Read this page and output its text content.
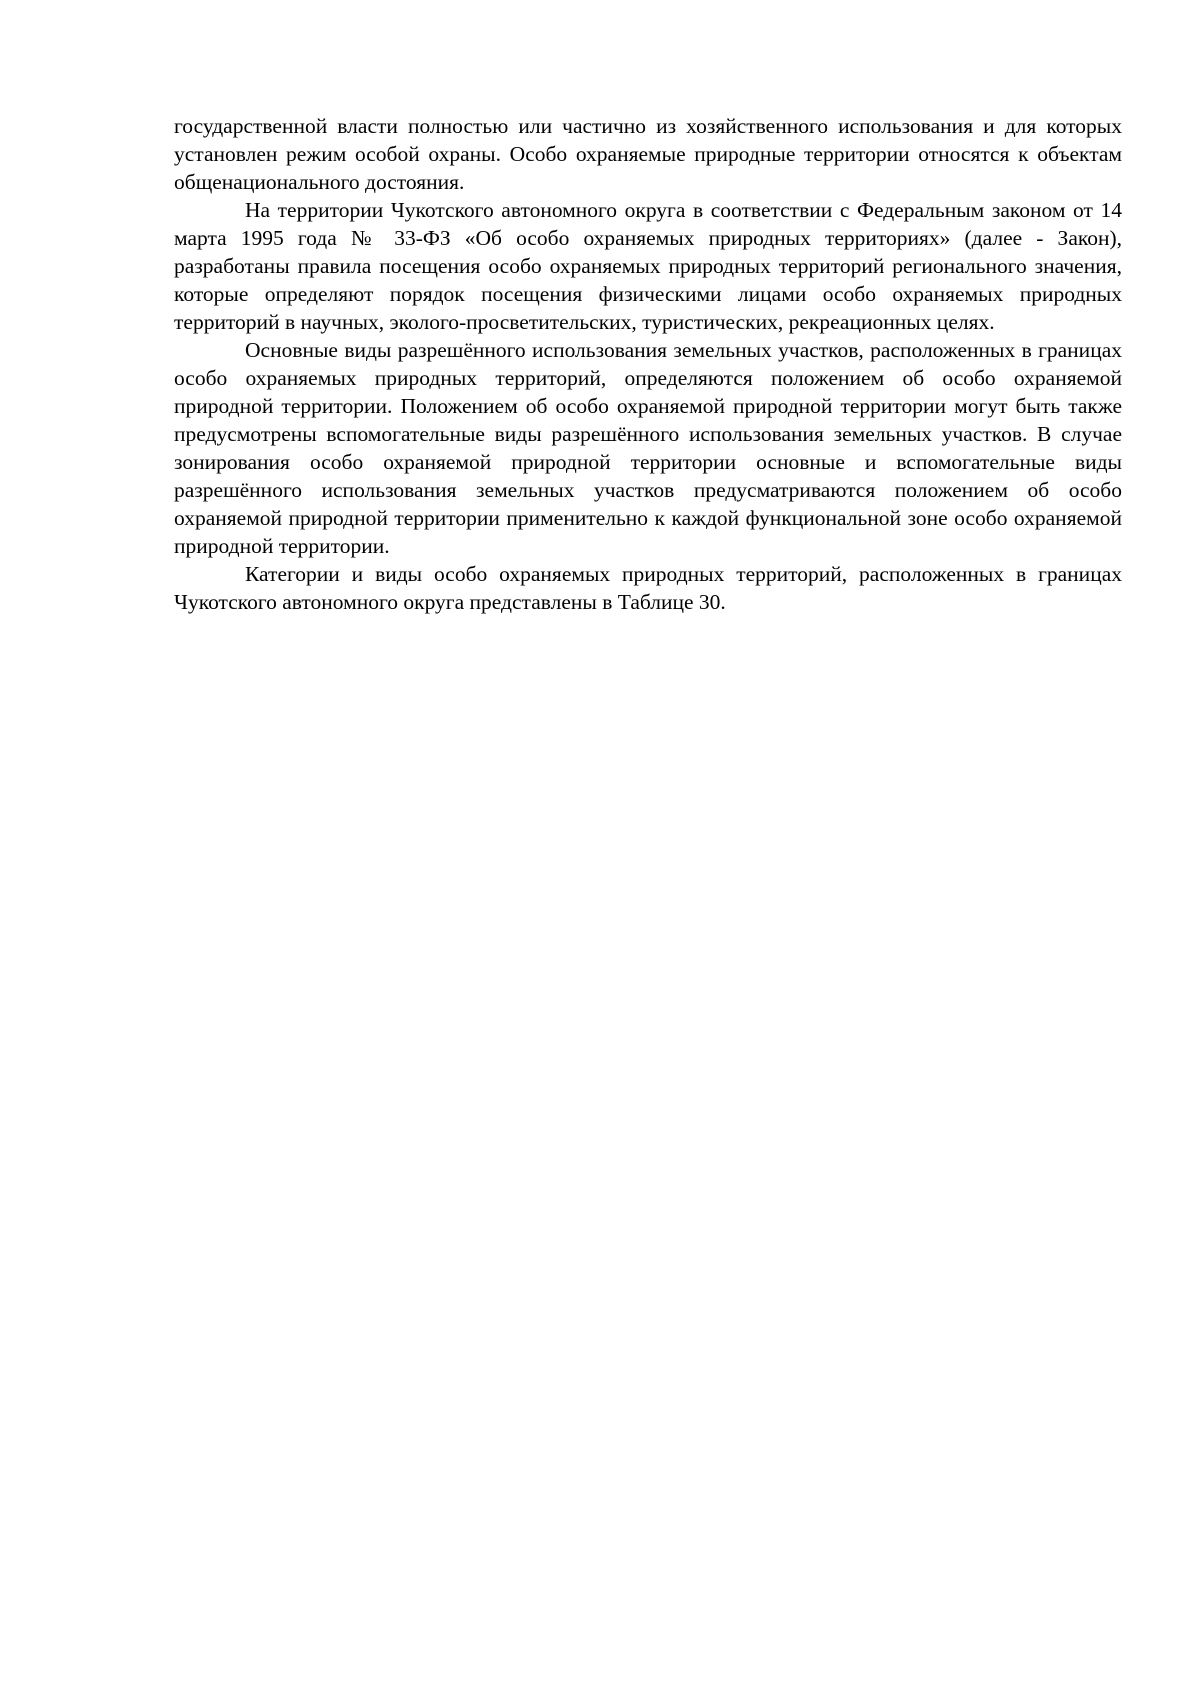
государственной власти полностью или частично из хозяйственного использования и для которых установлен режим особой охраны. Особо охраняемые природные территории относятся к объектам общенационального достояния.

На территории Чукотского автономного округа в соответствии с Федеральным законом от 14 марта 1995 года № 33-ФЗ «Об особо охраняемых природных территориях» (далее - Закон), разработаны правила посещения особо охраняемых природных территорий регионального значения, которые определяют порядок посещения физическими лицами особо охраняемых природных территорий в научных, эколого-просветительских, туристических, рекреационных целях.

Основные виды разрешённого использования земельных участков, расположенных в границах особо охраняемых природных территорий, определяются положением об особо охраняемой природной территории. Положением об особо охраняемой природной территории могут быть также предусмотрены вспомогательные виды разрешённого использования земельных участков. В случае зонирования особо охраняемой природной территории основные и вспомогательные виды разрешённого использования земельных участков предусматриваются положением об особо охраняемой природной территории применительно к каждой функциональной зоне особо охраняемой природной территории.

Категории и виды особо охраняемых природных территорий, расположенных в границах Чукотского автономного округа представлены в Таблице 30.
